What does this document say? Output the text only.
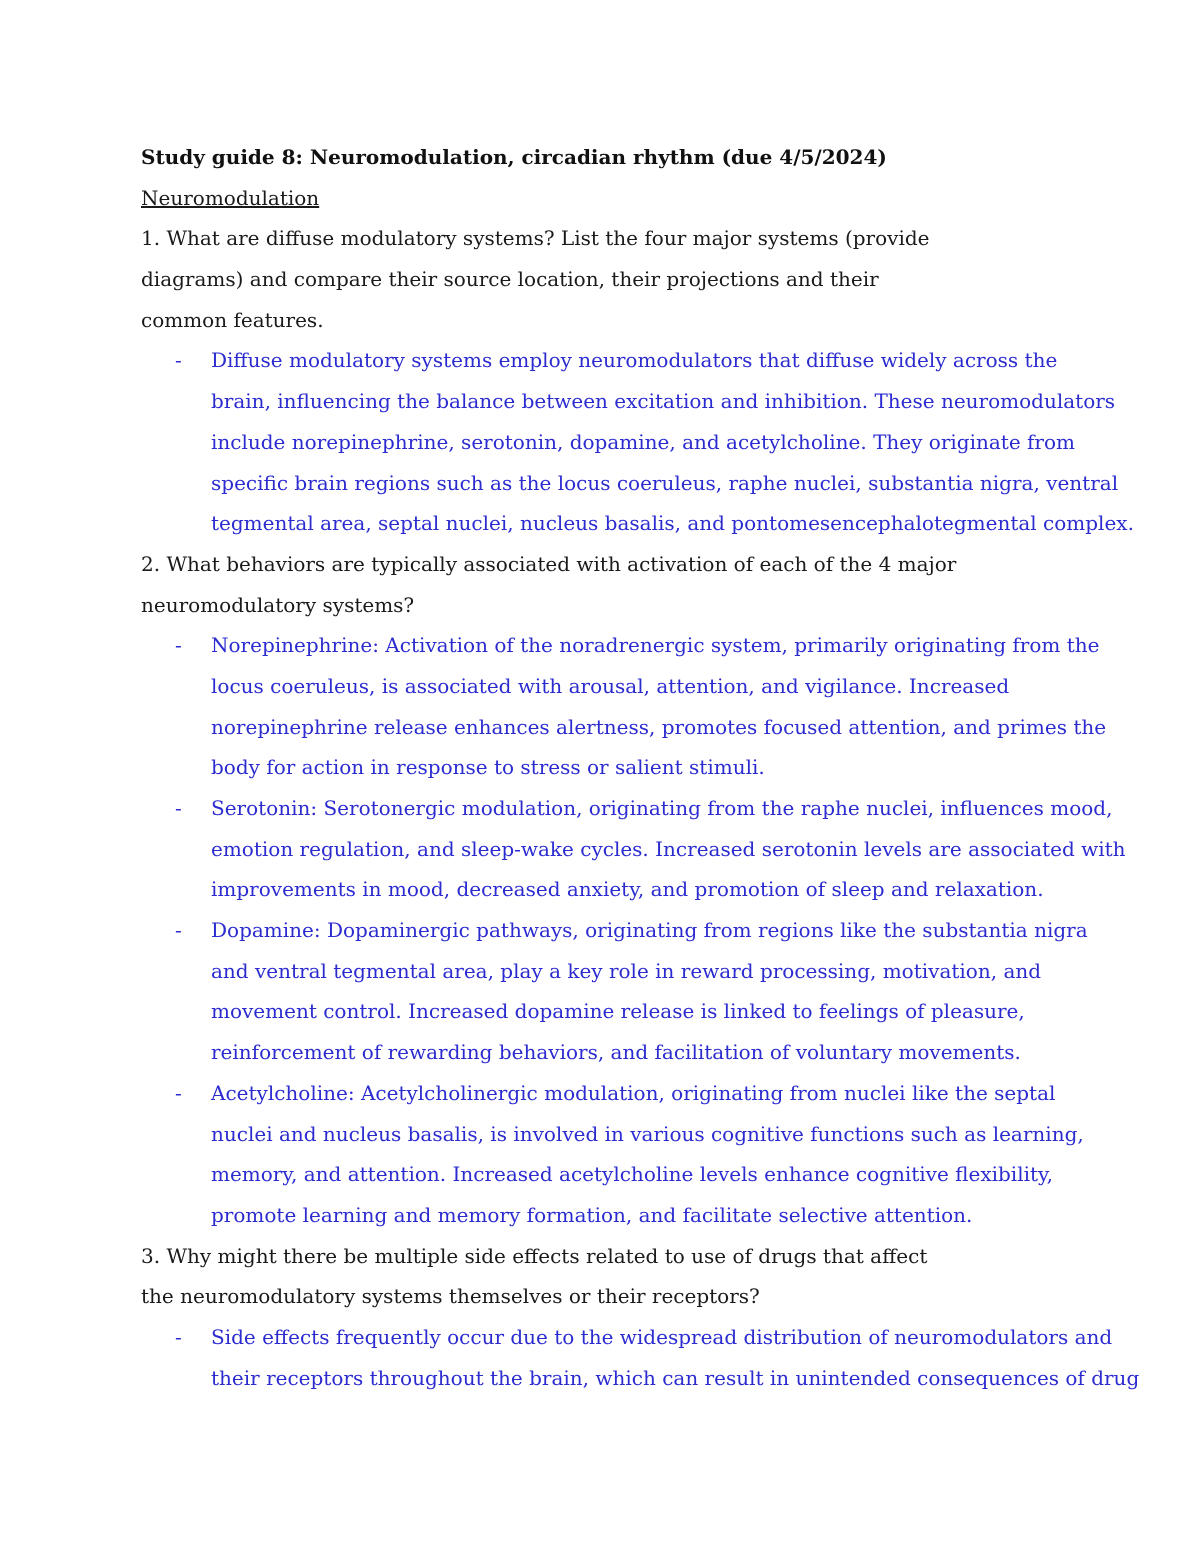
Study guide 8: Neuromodulation, circadian rhythm (due 4/5/2024)
Neuromodulation
1. What are diffuse modulatory systems? List the four major systems (provide
diagrams) and compare their source location, their projections and their
common features.
- Diffuse modulatory systems employ neuromodulators that diffuse widely across the
brain, influencing the balance between excitation and inhibition. These neuromodulators
include norepinephrine, serotonin, dopamine, and acetylcholine. They originate from
specific brain regions such as the locus coeruleus, raphe nuclei, substantia nigra, ventral
tegmental area, septal nuclei, nucleus basalis, and pontomesencephalotegmental complex.
2. What behaviors are typically associated with activation of each of the 4 major
neuromodulatory systems?
- Norepinephrine: Activation of the noradrenergic system, primarily originating from the
locus coeruleus, is associated with arousal, attention, and vigilance. Increased
norepinephrine release enhances alertness, promotes focused attention, and primes the
body for action in response to stress or salient stimuli.
- Serotonin: Serotonergic modulation, originating from the raphe nuclei, influences mood,
emotion regulation, and sleep-wake cycles. Increased serotonin levels are associated with
improvements in mood, decreased anxiety, and promotion of sleep and relaxation.
- Dopamine: Dopaminergic pathways, originating from regions like the substantia nigra
and ventral tegmental area, play a key role in reward processing, motivation, and
movement control. Increased dopamine release is linked to feelings of pleasure,
reinforcement of rewarding behaviors, and facilitation of voluntary movements.
- Acetylcholine: Acetylcholinergic modulation, originating from nuclei like the septal
nuclei and nucleus basalis, is involved in various cognitive functions such as learning,
memory, and attention. Increased acetylcholine levels enhance cognitive flexibility,
promote learning and memory formation, and facilitate selective attention.
3. Why might there be multiple side effects related to use of drugs that affect
the neuromodulatory systems themselves or their receptors?
- Side effects frequently occur due to the widespread distribution of neuromodulators and
their receptors throughout the brain, which can result in unintended consequences of drug
